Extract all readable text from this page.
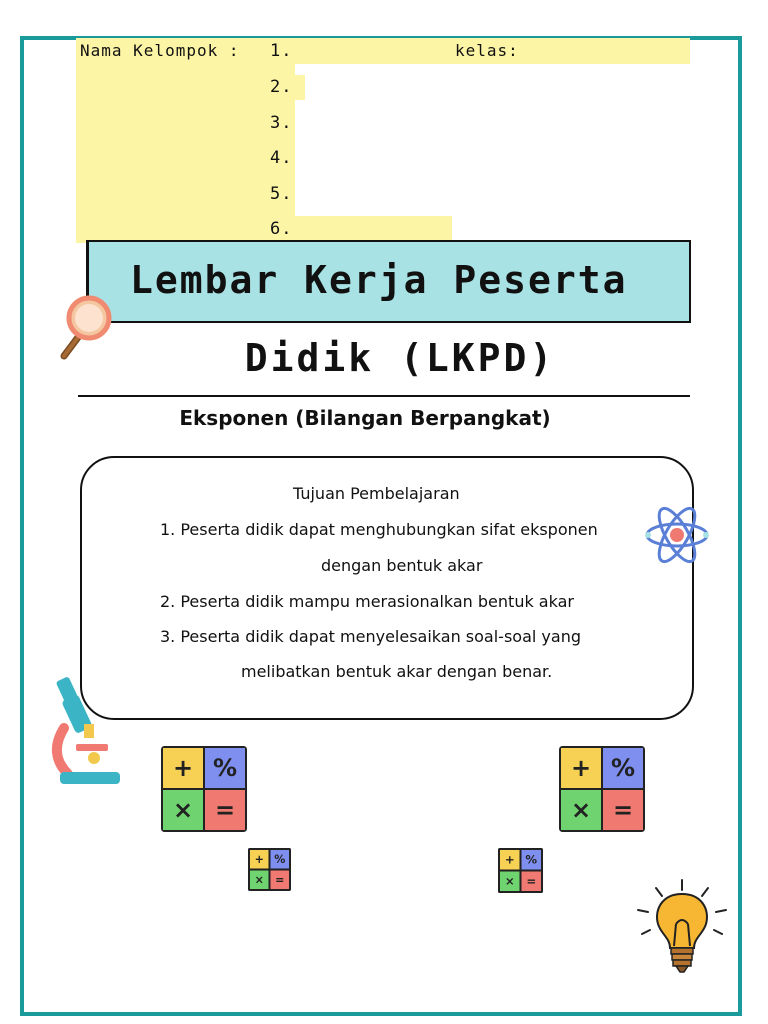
Nama Kelompok :	kelas:
1.
2.
3.
4.
5.
6.
Lembar Kerja Peserta
Didik (LKPD)
Eksponen (Bilangan Berpangkat)
Tujuan Pembelajaran
1. Peserta didik dapat menghubungkan sifat eksponen
dengan bentuk akar
2. Peserta didik mampu merasionalkan bentuk akar
3. Peserta didik dapat menyelesaikan soal-soal yang
melibatkan bentuk akar dengan benar.
+ %
× =
+ %
× =
+ %
× =
+ %
× =
